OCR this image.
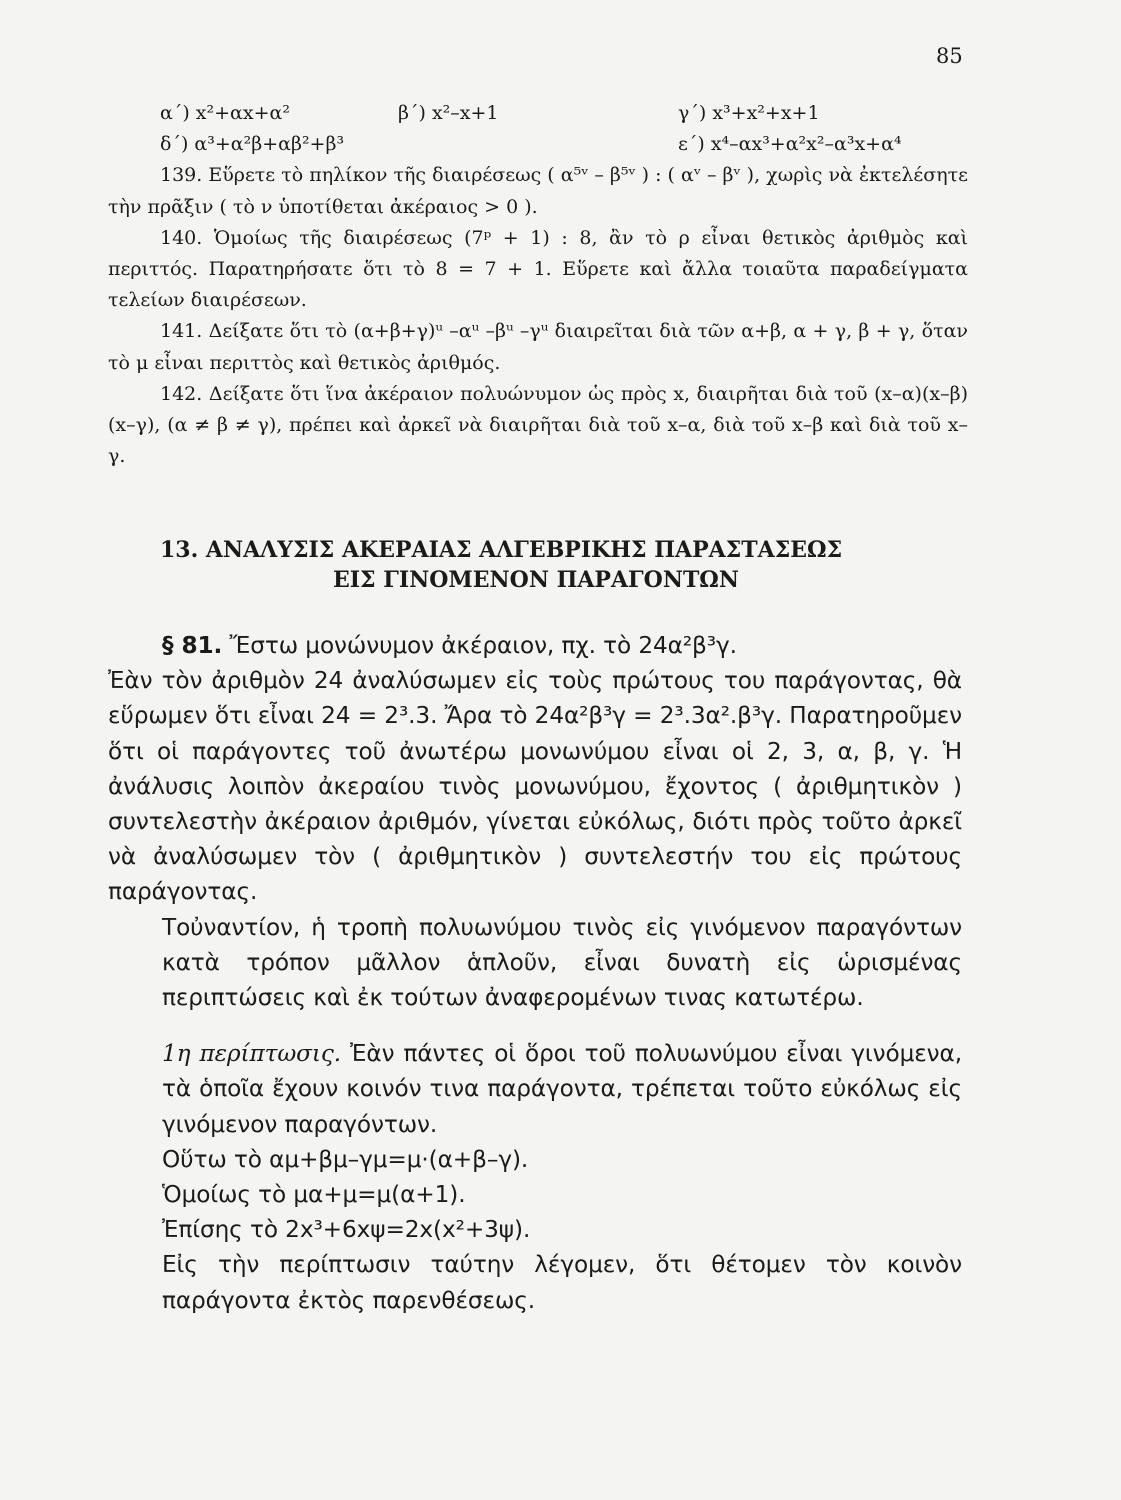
85
α΄) x²+αx+α²	β΄) x²–x+1	γ΄) x³+x²+x+1
δ΄) α³+α²β+αβ²+β³	ε΄) x⁴–αx³+α²x²–α³x+α⁴
139. Εὕρετε τὸ πηλίκον τῆς διαιρέσεως ( α⁵ᵛ – β⁵ᵛ ) : ( αᵛ – βᵛ ), χωρὶς νὰ ἐκτελέσητε τὴν πρᾶξιν ( τὸ ν ὑποτίθεται ἀκέραιος > 0 ).
140. Ὁμοίως τῆς διαιρέσεως (7ᵖ + 1) : 8, ἂν τὸ ρ εἶναι θετικὸς ἀριθμὸς καὶ περιττός. Παρατηρήσατε ὅτι τὸ 8 = 7 + 1. Εὕρετε καὶ ἄλλα τοιαῦτα παραδείγματα τελείων διαιρέσεων.
141. Δείξατε ὅτι τὸ (α+β+γ)ᵘ –αᵘ –βᵘ –γᵘ διαιρεῖται διὰ τῶν α+β, α + γ, β + γ, ὅταν τὸ μ εἶναι περιττὸς καὶ θετικὸς ἀριθμός.
142. Δείξατε ὅτι ἵνα ἀκέραιον πολυώνυμον ὡς πρὸς x, διαιρῆται διὰ τοῦ (x–α)(x–β)(x–γ), (α ≠ β ≠ γ), πρέπει καὶ ἀρκεῖ νὰ διαιρῆται διὰ τοῦ x–α, διὰ τοῦ x–β καὶ διὰ τοῦ x–γ.
13. ΑΝΑΛΥΣΙΣ ΑΚΕΡΑΙΑΣ ΑΛΓΕΒΡΙΚΗΣ ΠΑΡΑΣΤΑΣΕΩΣ
ΕΙΣ ΓΙΝΟΜΕΝΟΝ ΠΑΡΑΓΟΝΤΩΝ

§ 81. Ἔστω μονώνυμον ἀκέραιον, πχ. τὸ 24α²β³γ.

Ἐὰν τὸν ἀριθμὸν 24 ἀναλύσωμεν εἰς τοὺς πρώτους του παράγοντας, θὰ εὕρωμεν ὅτι εἶναι 24 = 2³.3. Ἄρα τὸ 24α²β³γ = 2³.3α².β³γ. Παρατηροῦμεν ὅτι οἱ παράγοντες τοῦ ἀνωτέρω μονωνύμου εἶναι οἱ 2, 3, α, β, γ. Ἡ ἀνάλυσις λοιπὸν ἀκεραίου τινὸς μονωνύμου, ἔχοντος ( ἀριθμητικὸν ) συντελεστὴν ἀκέραιον ἀριθμόν, γίνεται εὐκόλως, διότι πρὸς τοῦτο ἀρκεῖ νὰ ἀναλύσωμεν τὸν ( ἀριθμητικὸν ) συντελεστήν του εἰς πρώτους παράγοντας.

Τοὐναντίον, ἡ τροπὴ πολυωνύμου τινὸς εἰς γινόμενον παραγόντων κατὰ τρόπον μᾶλλον ἁπλοῦν, εἶναι δυνατὴ εἰς ὡρισμένας περιπτώσεις καὶ ἐκ τούτων ἀναφερομένων τινας κατωτέρω.

1η περίπτωσις. Ἐὰν πάντες οἱ ὅροι τοῦ πολυωνύμου εἶναι γινόμενα, τὰ ὁποῖα ἔχουν κοινόν τινα παράγοντα, τρέπεται τοῦτο εὐκόλως εἰς γινόμενον παραγόντων.

Οὕτω τὸ αμ+βμ–γμ=μ·(α+β–γ).

Ὁμοίως τὸ μα+μ=μ(α+1).

Ἐπίσης τὸ 2x³+6xψ=2x(x²+3ψ).

Εἰς τὴν περίπτωσιν ταύτην λέγομεν, ὅτι θέτομεν τὸν κοινὸν παράγοντα ἐκτὸς παρενθέσεως.
